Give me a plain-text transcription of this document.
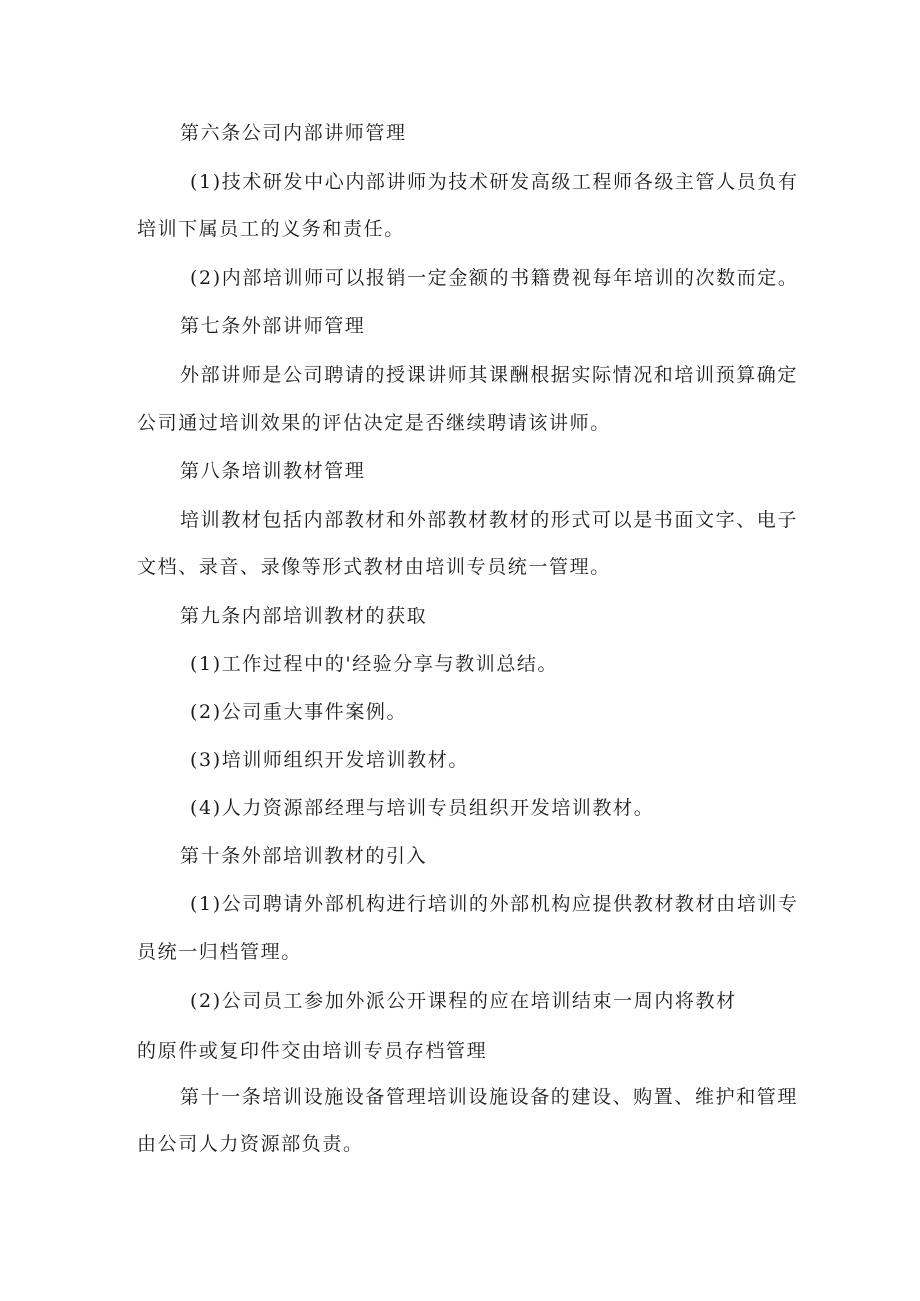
第六条公司内部讲师管理
(1)技术研发中心内部讲师为技术研发高级工程师各级主管人员负有
培训下属员工的义务和责任。
(2)内部培训师可以报销一定金额的书籍费视每年培训的次数而定。
第七条外部讲师管理
外部讲师是公司聘请的授课讲师其课酬根据实际情况和培训预算确定
公司通过培训效果的评估决定是否继续聘请该讲师。
第八条培训教材管理
培训教材包括内部教材和外部教材教材的形式可以是书面文字、电子
文档、录音、录像等形式教材由培训专员统一管理。
第九条内部培训教材的获取
(1)工作过程中的'经验分享与教训总结。
(2)公司重大事件案例。
(3)培训师组织开发培训教材。
(4)人力资源部经理与培训专员组织开发培训教材。
第十条外部培训教材的引入
(1)公司聘请外部机构进行培训的外部机构应提供教材教材由培训专
员统一归档管理。
(2)公司员工参加外派公开课程的应在培训结束一周内将教材
的原件或复印件交由培训专员存档管理
第十一条培训设施设备管理培训设施设备的建设、购置、维护和管理
由公司人力资源部负责。
